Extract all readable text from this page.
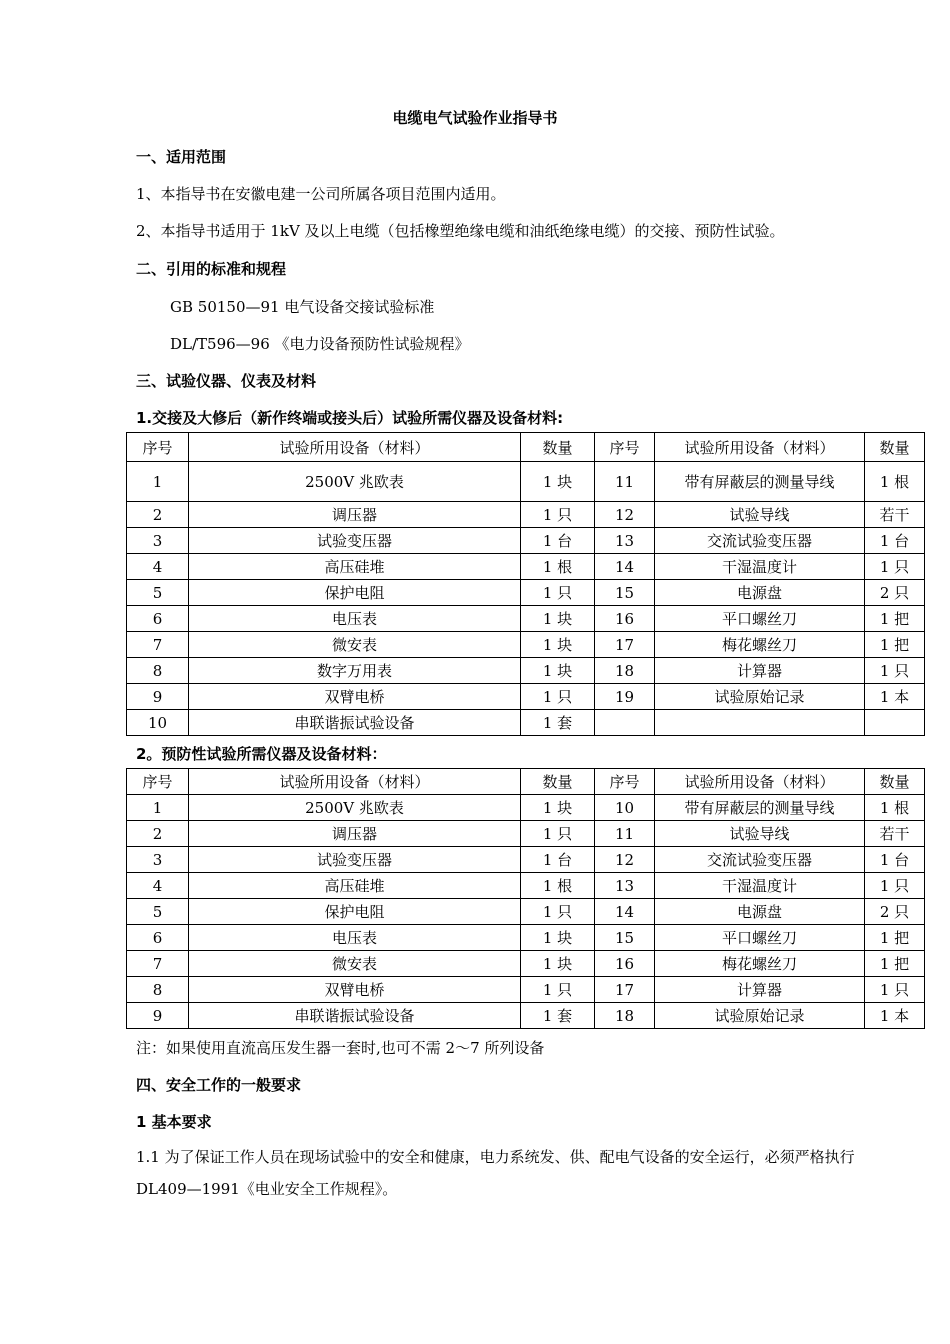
电缆电气试验作业指导书
一、适用范围
1、本指导书在安徽电建一公司所属各项目范围内适用。
2、本指导书适用于 1kV 及以上电缆（包括橡塑绝缘电缆和油纸绝缘电缆）的交接、预防性试验。
二、引用的标准和规程
GB 50150—91 电气设备交接试验标准
DL/T596—96 《电力设备预防性试验规程》
三、试验仪器、仪表及材料
1.交接及大修后（新作终端或接头后）试验所需仪器及设备材料:
序号	试验所用设备（材料）	数量	序号	试验所用设备（材料）	数量
1	2500V 兆欧表	1 块	11	带有屏蔽层的测量导线	1 根
2	调压器	1 只	12	试验导线	若干
3	试验变压器	1 台	13	交流试验变压器	1 台
4	高压硅堆	1 根	14	干湿温度计	1 只
5	保护电阻	1 只	15	电源盘	2 只
6	电压表	1 块	16	平口螺丝刀	1 把
7	微安表	1 块	17	梅花螺丝刀	1 把
8	数字万用表	1 块	18	计算器	1 只
9	双臂电桥	1 只	19	试验原始记录	1 本
10	串联谐振试验设备	1 套			
2。预防性试验所需仪器及设备材料：
序号	试验所用设备（材料）	数量	序号	试验所用设备（材料）	数量
1	2500V 兆欧表	1 块	10	带有屏蔽层的测量导线	1 根
2	调压器	1 只	11	试验导线	若干
3	试验变压器	1 台	12	交流试验变压器	1 台
4	高压硅堆	1 根	13	干湿温度计	1 只
5	保护电阻	1 只	14	电源盘	2 只
6	电压表	1 块	15	平口螺丝刀	1 把
7	微安表	1 块	16	梅花螺丝刀	1 把
8	双臂电桥	1 只	17	计算器	1 只
9	串联谐振试验设备	1 套	18	试验原始记录	1 本
注：如果使用直流高压发生器一套时,也可不需 2～7 所列设备
四、安全工作的一般要求
1 基本要求
1.1 为了保证工作人员在现场试验中的安全和健康，电力系统发、供、配电气设备的安全运行，必须严格执行 DL409—1991《电业安全工作规程》。
